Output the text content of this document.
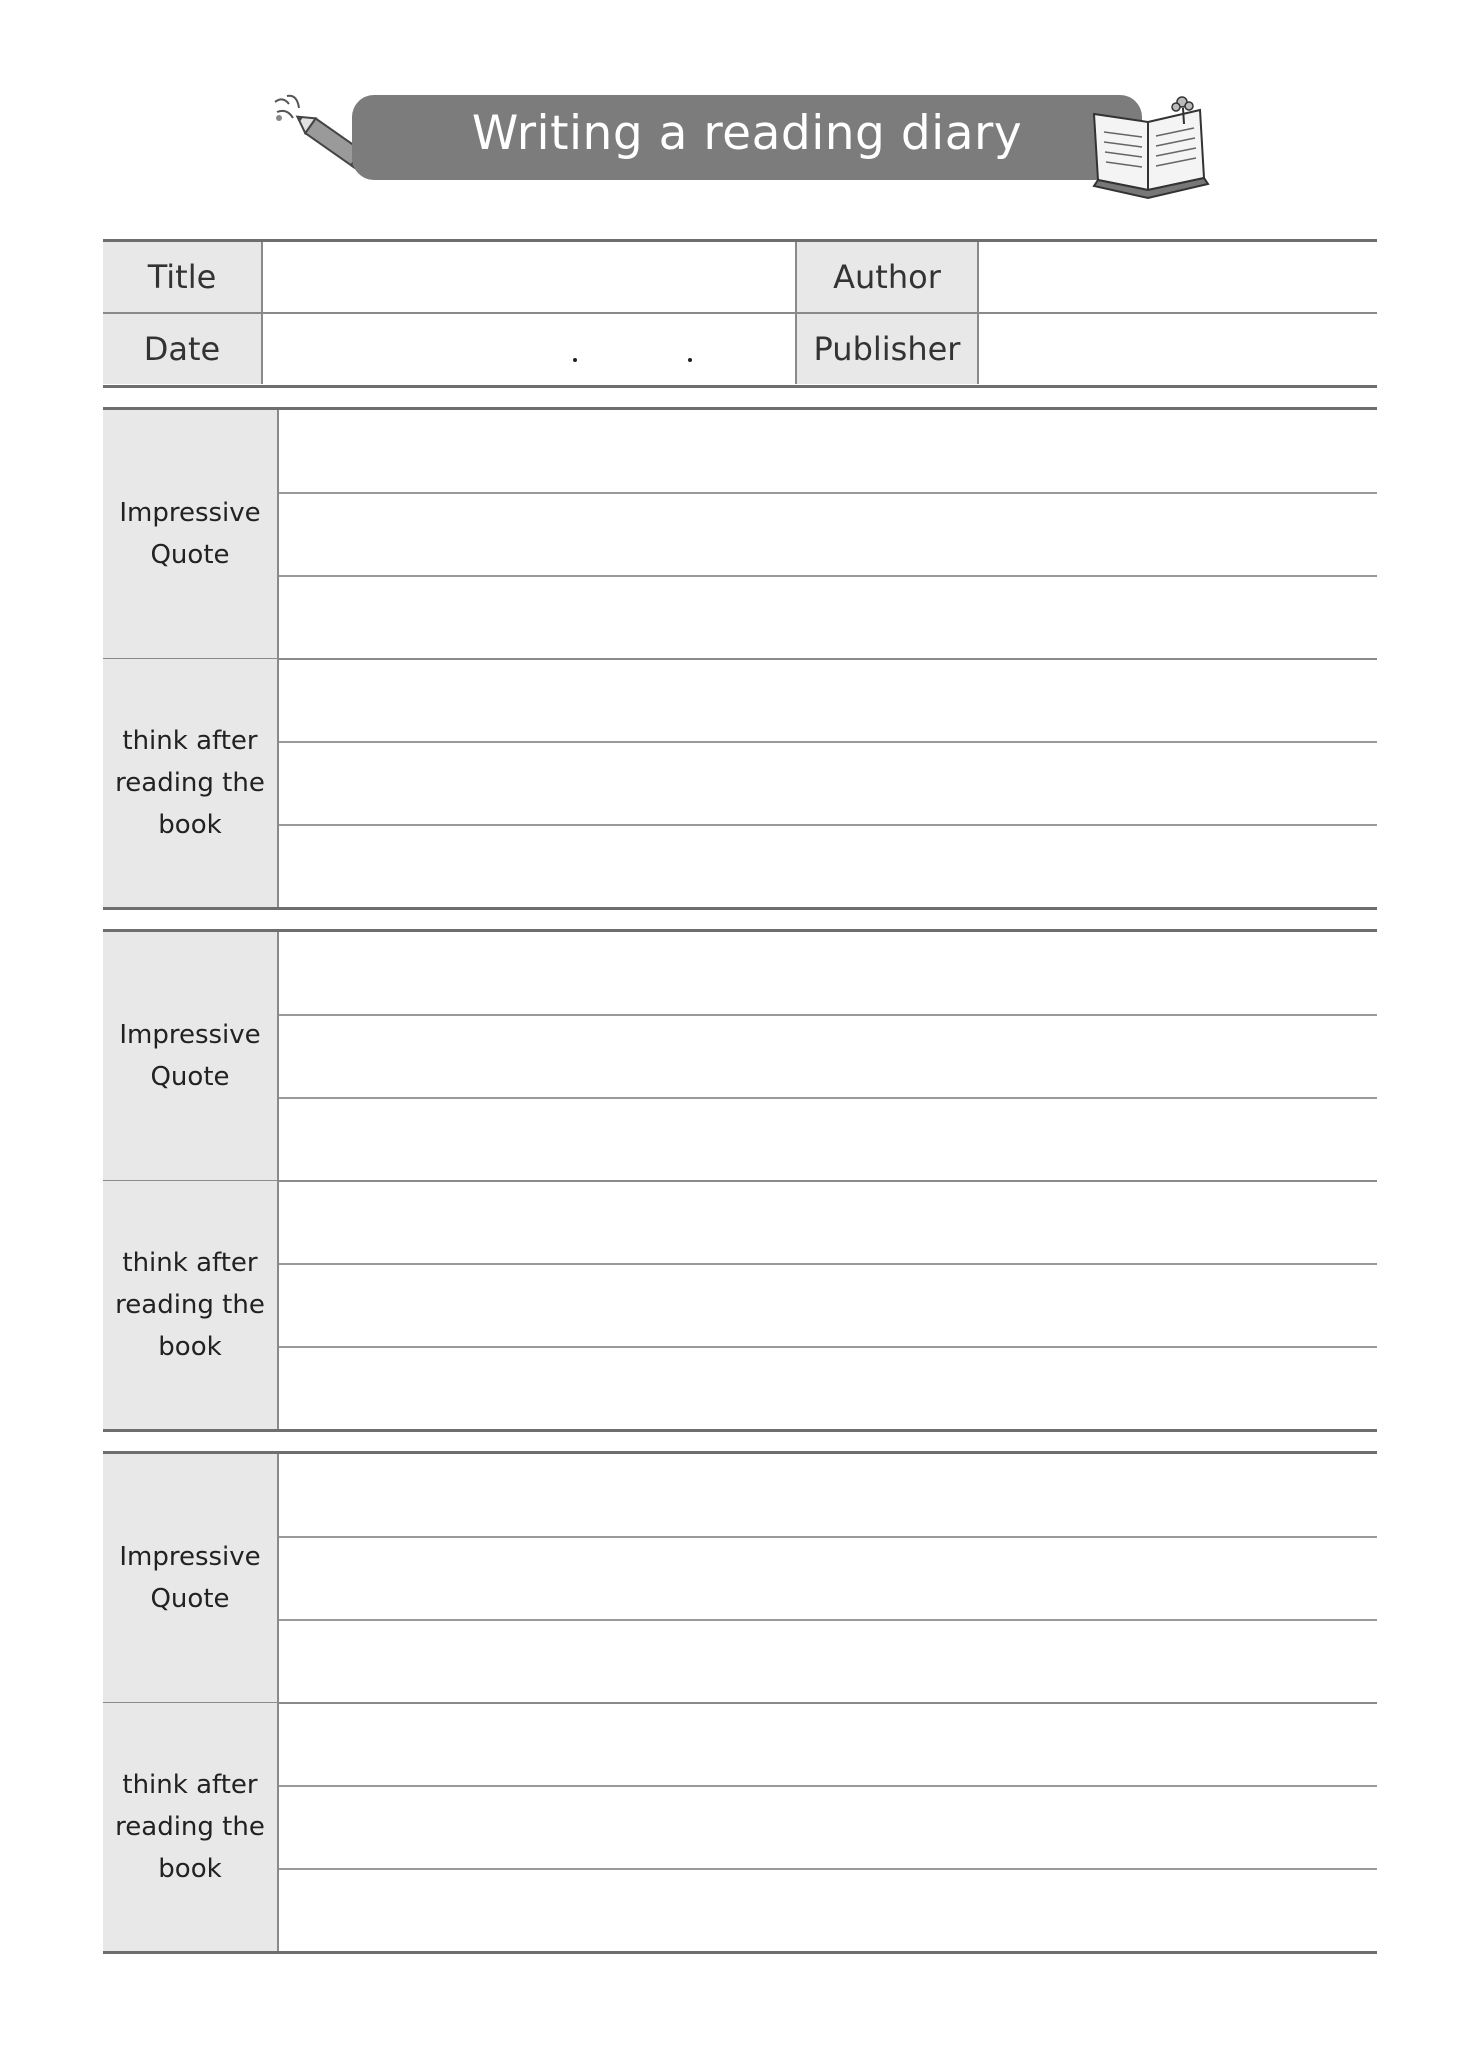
Writing a reading diary
Title	Author
Date	Publisher
Impressive
Quote
think after
reading the
book
Impressive
Quote
think after
reading the
book
Impressive
Quote
think after
reading the
book
